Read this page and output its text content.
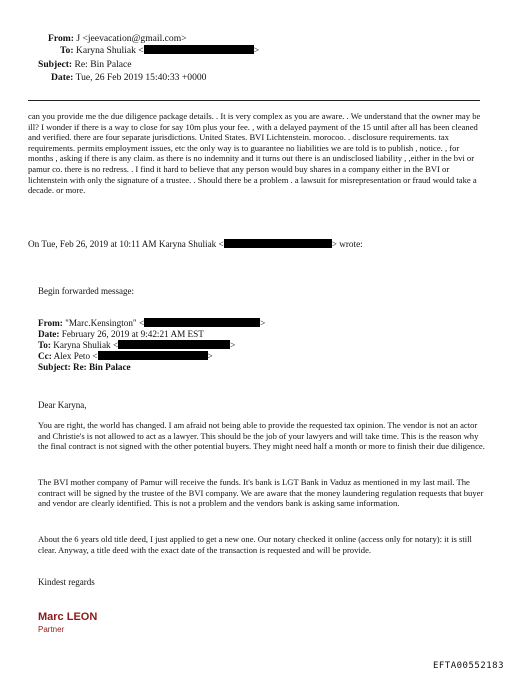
From: J <jeevacation@gmail.com>
To: Karyna Shuliak <	>
Subject: Re: Bin Palace
Date: Tue, 26 Feb 2019 15:40:33 +0000
can you provide me the due diligence package details. . It is very complex as you are aware. . We understand that the owner may be ill? I wonder if there is a way to close for say 10m plus your fee. , with a delayed payment of the 15 until after all has been cleaned and verified. there are four separate jurisdictions. United States. BVI Lichtenstein. morocoo. . disclosure requirements. tax requirements. permits employment issues, etc the only way is to guarantee no liabilities we are told is to publish , notice. , for months , asking if there is any claim. as there is no indemnity and it turns out there is an undisclosed liability , ,either in the bvi or pamur co. there is no redress. . I find it hard to believe that any person would buy shares in a company either in the BVI or lichtenstein with only the signature of a trustee. . Should there be a problem . a lawsuit for misrepresentation or fraud would take a decade. or more.
On Tue, Feb 26, 2019 at 10:11 AM Karyna Shuliak <	> wrote:
Begin forwarded message:
From: "Marc.Kensington" <	>
Date: February 26, 2019 at 9:42:21 AM EST
To: Karyna Shuliak <	>
Cc: Alex Peto <	>
Subject: Re: Bin Palace
Dear Karyna,
You are right, the world has changed. I am afraid not being able to provide the requested tax opinion. The vendor is not an actor and Christie's is not allowed to act as a lawyer. This should be the job of your lawyers and will take time. This is the reason why the final contract is not signed with the other potential buyers. They might need half a month or more to finish their due diligence.
The BVI mother company of Pamur will receive the funds. It's bank is LGT Bank in Vaduz as mentioned in my last mail. The contract will be signed by the trustee of the BVI company. We are aware that the money laundering regulation requests that buyer and vendor are clearly identified. This is not a problem and the vendors bank is asking same information.
About the 6 years old title deed, I just applied to get a new one. Our notary checked it online (access only for notary): it is still clear. Anyway, a title deed with the exact date of the transaction is requested and will be provide.
Kindest regards
Marc LEON
Partner
EFTA00552183
